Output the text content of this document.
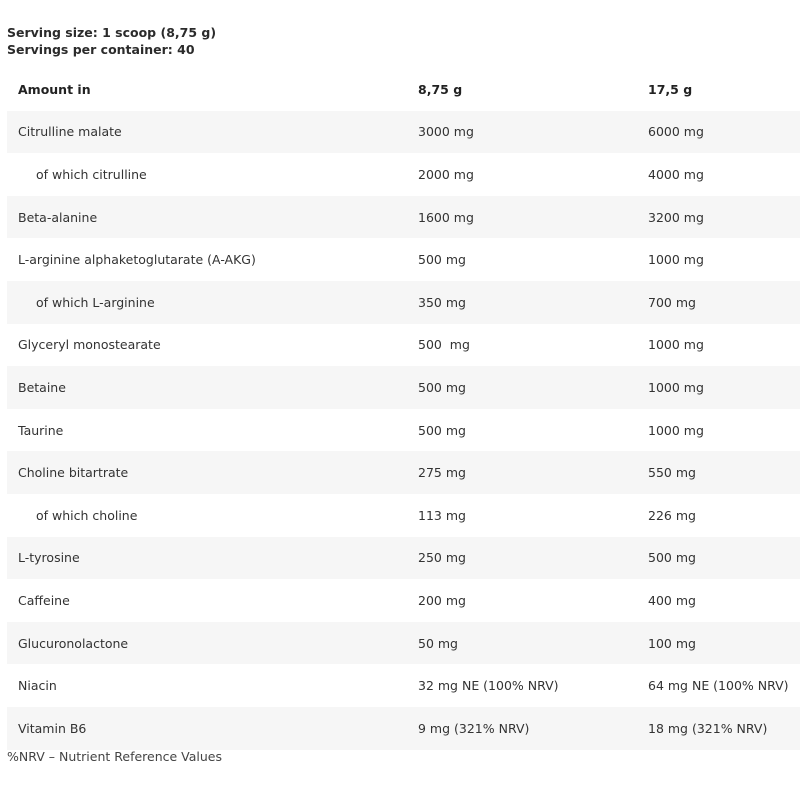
Serving size: 1 scoop (8,75 g)
Servings per container: 40
Amount in	8,75 g	17,5 g
Citrulline malate	3000 mg	6000 mg
of which citrulline	2000 mg	4000 mg
Beta-alanine	1600 mg	3200 mg
L-arginine alphaketoglutarate (A-AKG)	500 mg	1000 mg
of which L-arginine	350 mg	700 mg
Glyceryl monostearate	500  mg	1000 mg
Betaine	500 mg	1000 mg
Taurine	500 mg	1000 mg
Choline bitartrate	275 mg	550 mg
of which choline	113 mg	226 mg
L-tyrosine	250 mg	500 mg
Caffeine	200 mg	400 mg
Glucuronolactone	50 mg	100 mg
Niacin	32 mg NE (100% NRV)	64 mg NE (100% NRV)
Vitamin B6	9 mg (321% NRV)	18 mg (321% NRV)
%NRV – Nutrient Reference Values
